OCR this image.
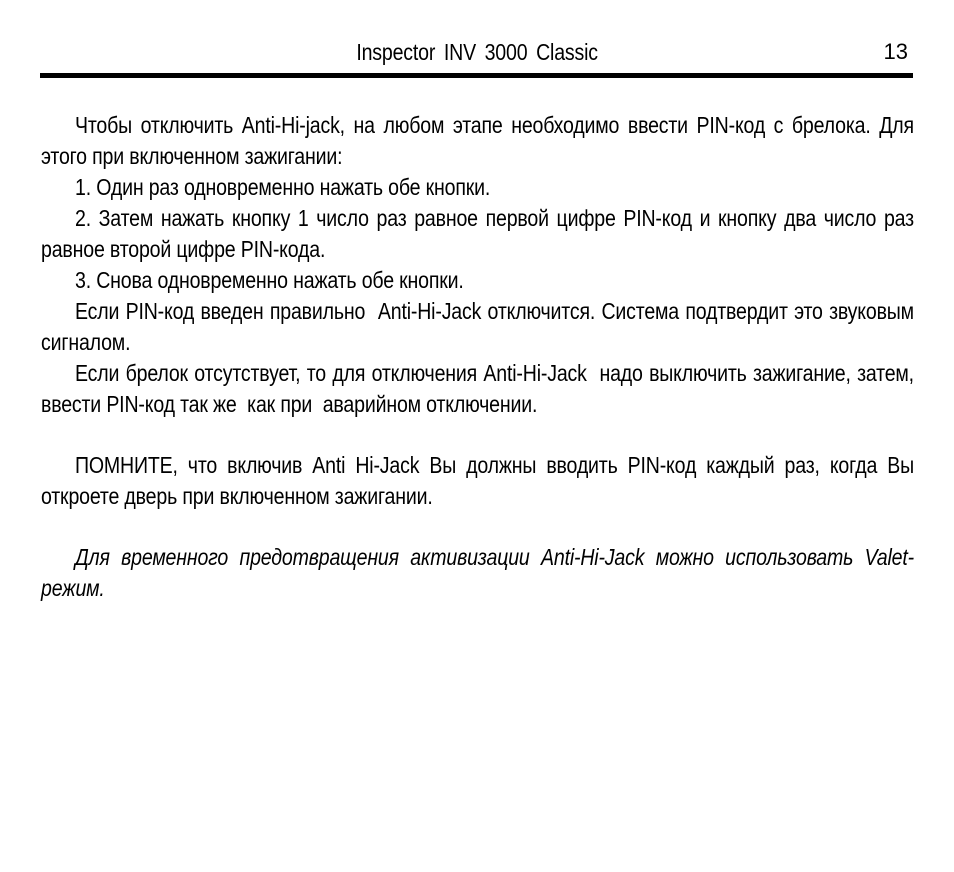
Inspector INV 3000 Classic	13

Чтобы отключить Anti-Hi-jack, на любом этапе необходимо ввести PIN-код с брелока. Для этого при включенном зажигании:

1. Один раз одновременно нажать обе кнопки.

2. Затем нажать кнопку 1 число раз равное первой цифре PIN-код и кнопку два число раз равное второй цифре PIN-кода.

3. Снова одновременно нажать обе кнопки.

Если PIN-код введен правильно  Anti-Hi-Jack отключится. Система подтвердит это звуковым сигналом.

Если брелок отсутствует, то для отключения Anti-Hi-Jack  надо выключить зажигание, затем, ввести PIN-код так же  как при  аварийном отключении.

ПОМНИТЕ, что включив Anti Hi-Jack Вы должны вводить PIN-код каждый раз, когда Вы откроете дверь при включенном зажигании.

Для временного предотвращения активизации Anti-Hi-Jack можно использовать Valet-режим.
